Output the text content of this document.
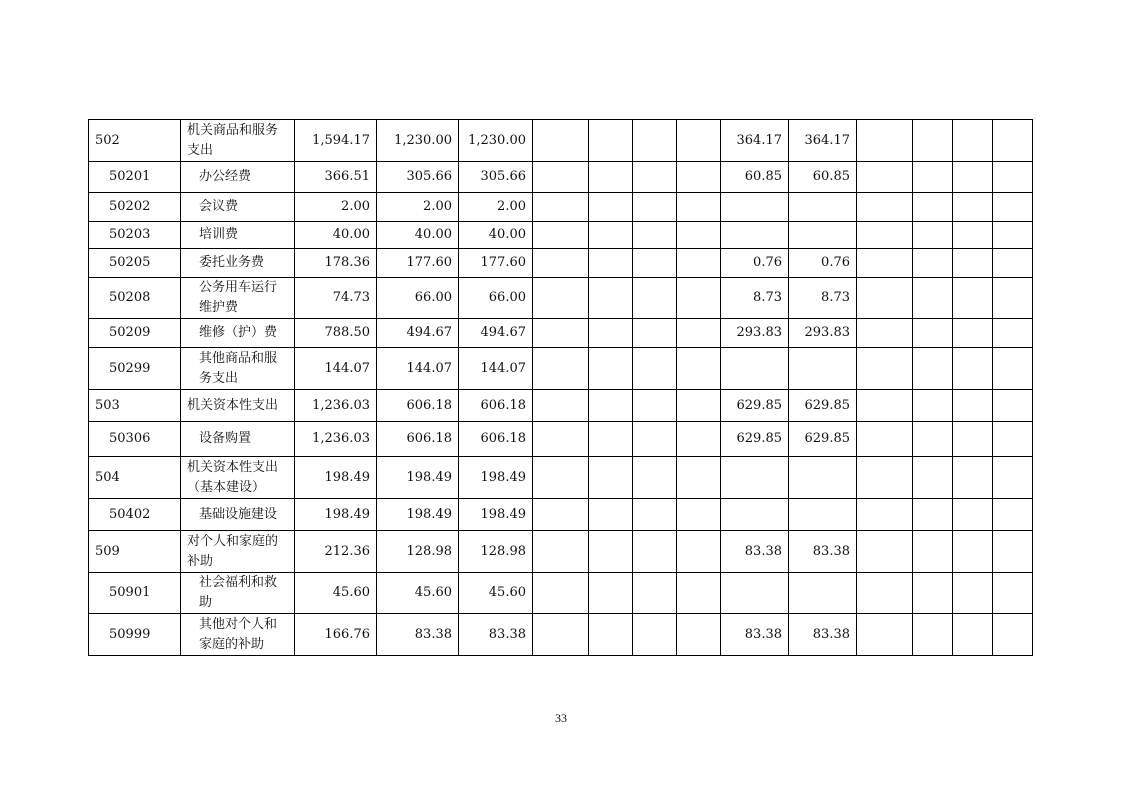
502	机关商品和服务支出	1,594.17	1,230.00	1,230.00					364.17	364.17				
50201	办公经费	366.51	305.66	305.66					60.85	60.85				
50202	会议费	2.00	2.00	2.00										
50203	培训费	40.00	40.00	40.00										
50205	委托业务费	178.36	177.60	177.60					0.76	0.76				
50208	公务用车运行维护费	74.73	66.00	66.00					8.73	8.73				
50209	维修（护）费	788.50	494.67	494.67					293.83	293.83				
50299	其他商品和服务支出	144.07	144.07	144.07										
503	机关资本性支出	1,236.03	606.18	606.18					629.85	629.85				
50306	设备购置	1,236.03	606.18	606.18					629.85	629.85				
504	机关资本性支出（基本建设）	198.49	198.49	198.49										
50402	基础设施建设	198.49	198.49	198.49										
509	对个人和家庭的补助	212.36	128.98	128.98					83.38	83.38				
50901	社会福利和救助	45.60	45.60	45.60										
50999	其他对个人和家庭的补助	166.76	83.38	83.38					83.38	83.38				
33
